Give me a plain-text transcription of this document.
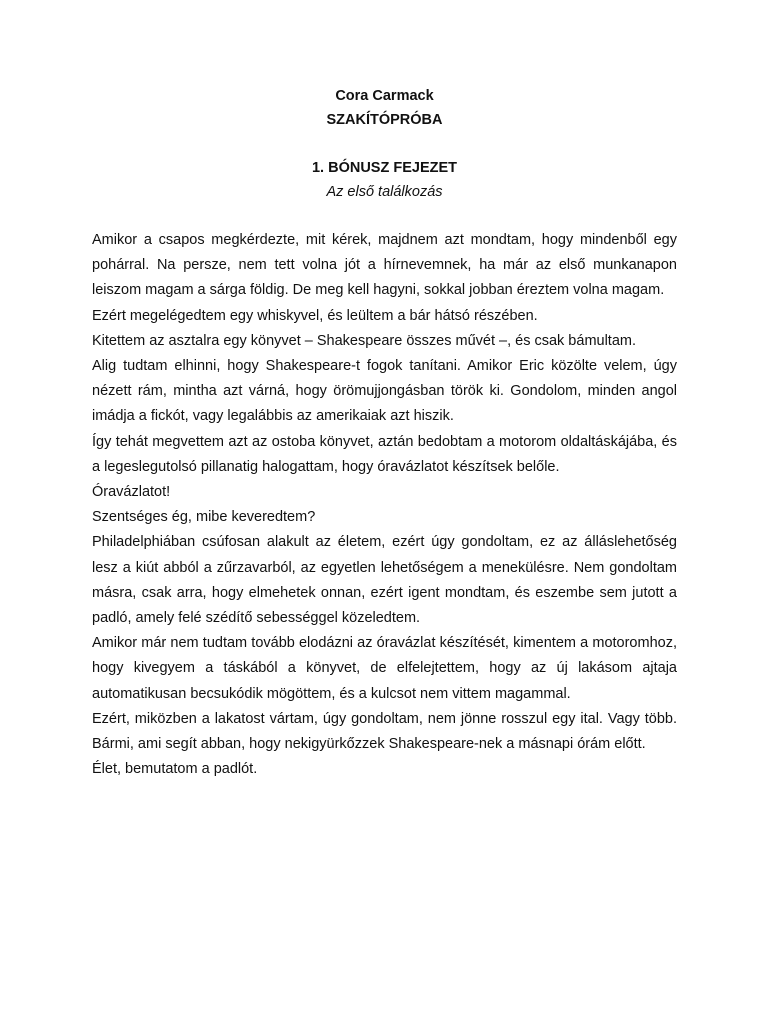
Cora Carmack
SZAKÍTÓPRÓBA
1. BÓNUSZ FEJEZET
Az első találkozás

Amikor a csapos megkérdezte, mit kérek, majdnem azt mondtam, hogy mindenből egy pohárral. Na persze, nem tett volna jót a hírnevemnek, ha már az első munkanapon leiszom magam a sárga földig. De meg kell hagyni, sokkal jobban éreztem volna magam.

Ezért megelégedtem egy whiskyvel, és leültem a bár hátsó részében.

Kitettem az asztalra egy könyvet – Shakespeare összes művét –, és csak bámultam.

Alig tudtam elhinni, hogy Shakespeare-t fogok tanítani. Amikor Eric közölte velem, úgy nézett rám, mintha azt várná, hogy örömujjongásban török ki. Gondolom, minden angol imádja a fickót, vagy legalábbis az amerikaiak azt hiszik.

Így tehát megvettem azt az ostoba könyvet, aztán bedobtam a motorom oldaltáskájába, és a legeslegutolsó pillanatig halogattam, hogy óravázlatot készítsek belőle.

Óravázlatot!

Szentséges ég, mibe keveredtem?

Philadelphiában csúfosan alakult az életem, ezért úgy gondoltam, ez az álláslehetőség lesz a kiút abból a zűrzavarból, az egyetlen lehetőségem a menekülésre. Nem gondoltam másra, csak arra, hogy elmehetek onnan, ezért igent mondtam, és eszembe sem jutott a padló, amely felé szédítő sebességgel közeledtem.

Amikor már nem tudtam tovább elodázni az óravázlat készítését, kimentem a motoromhoz, hogy kivegyem a táskából a könyvet, de elfelejtettem, hogy az új lakásom ajtaja automatikusan becsukódik mögöttem, és a kulcsot nem vittem magammal.

Ezért, miközben a lakatost vártam, úgy gondoltam, nem jönne rosszul egy ital. Vagy több. Bármi, ami segít abban, hogy nekigyürkőzzek Shakespeare-nek a másnapi órám előtt.

Élet, bemutatom a padlót.
